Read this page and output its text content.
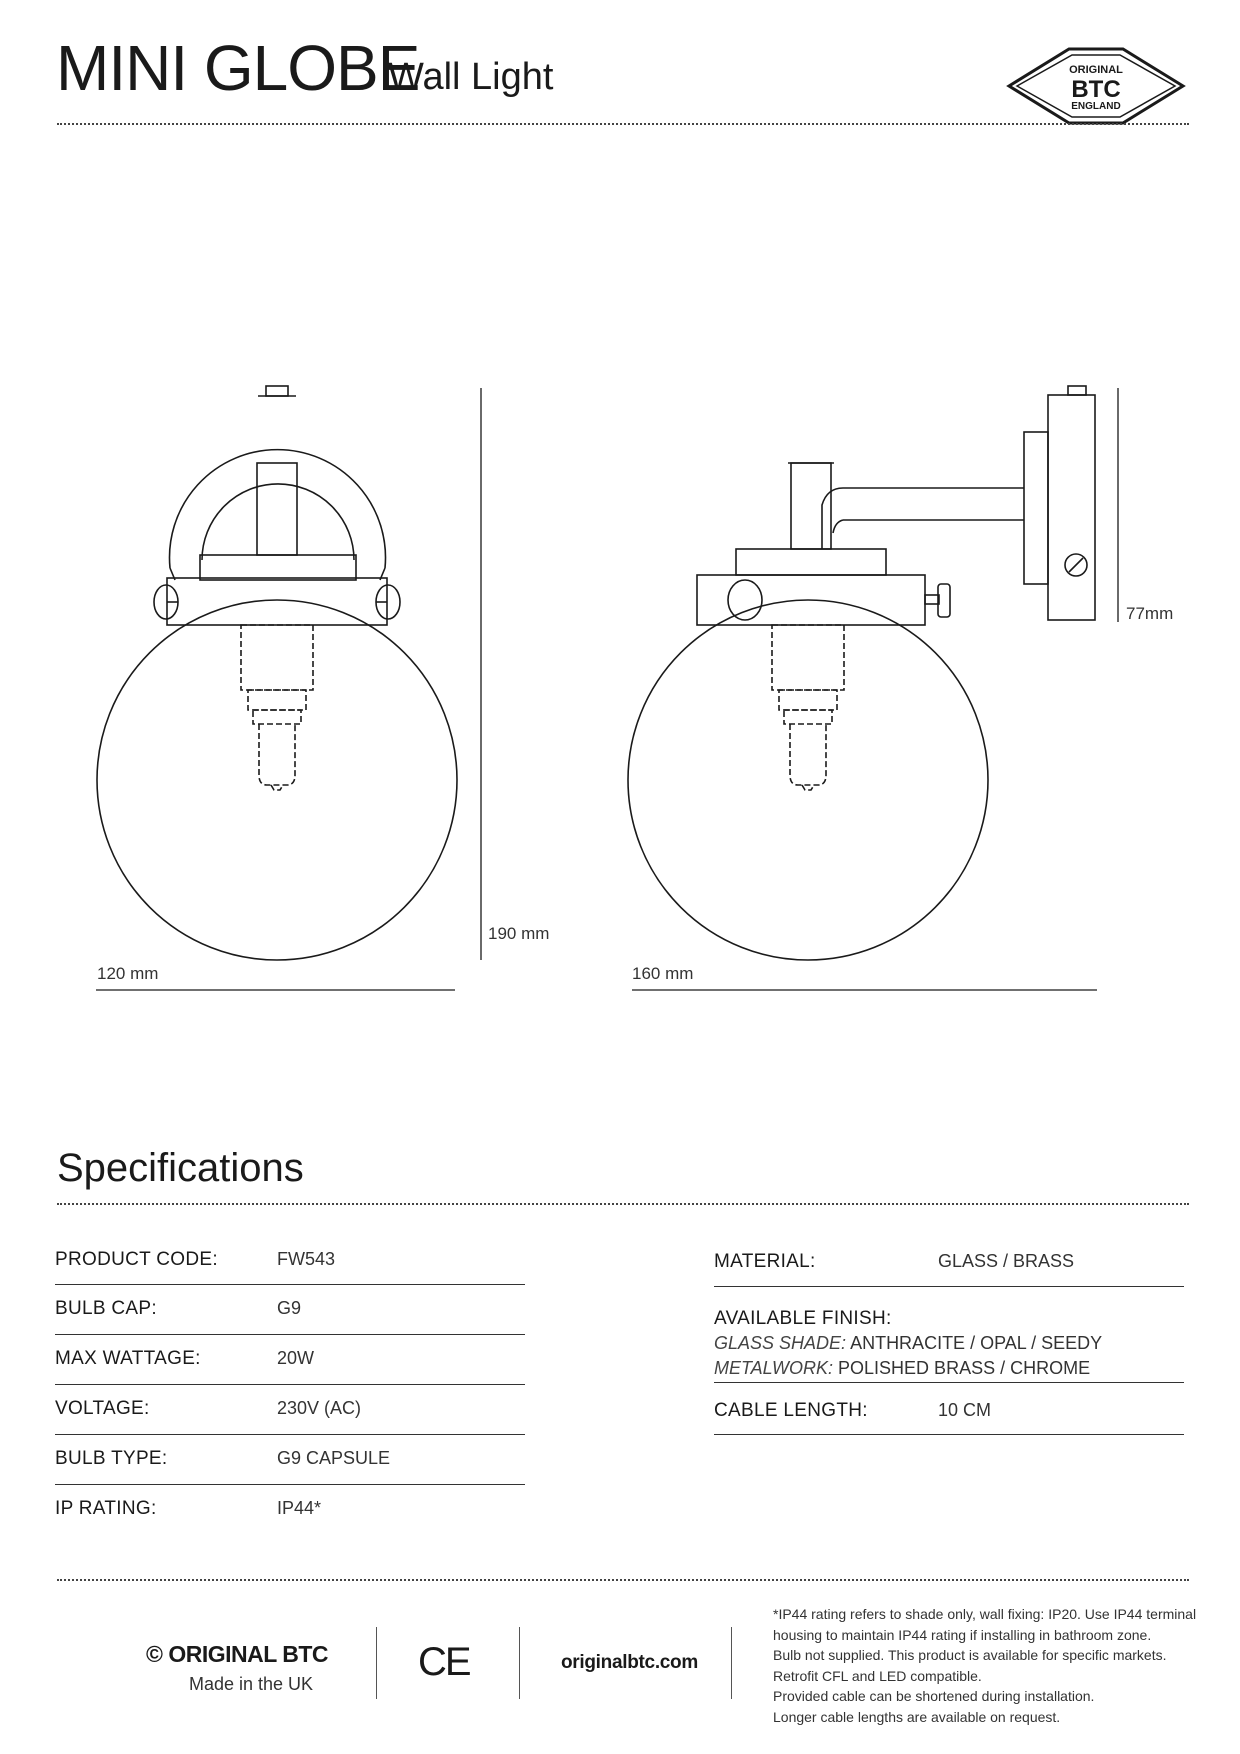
MINI GLOBE
Wall Light	ORIGINAL
BTC
ENGLAND
190 mm
120 mm	160 mm
77mm
Specifications
PRODUCT CODE:	FW543
BULB CAP:	G9
MAX WATTAGE:	20W
VOLTAGE:	230V (AC)
BULB TYPE:	G9 CAPSULE
IP RATING:	IP44*
MATERIAL:	GLASS / BRASS
AVAILABLE FINISH:
GLASS SHADE: ANTHRACITE / OPAL / SEEDY
METALWORK: POLISHED BRASS / CHROME
CABLE LENGTH:	10 CM
© ORIGINAL BTC
Made in the UK	CE	originalbtc.com
*IP44 rating refers to shade only, wall fixing: IP20. Use IP44 terminal
housing to maintain IP44 rating if installing in bathroom zone.
Bulb not supplied. This product is available for specific markets.
Retrofit CFL and LED compatible.
Provided cable can be shortened during installation.
Longer cable lengths are available on request.
